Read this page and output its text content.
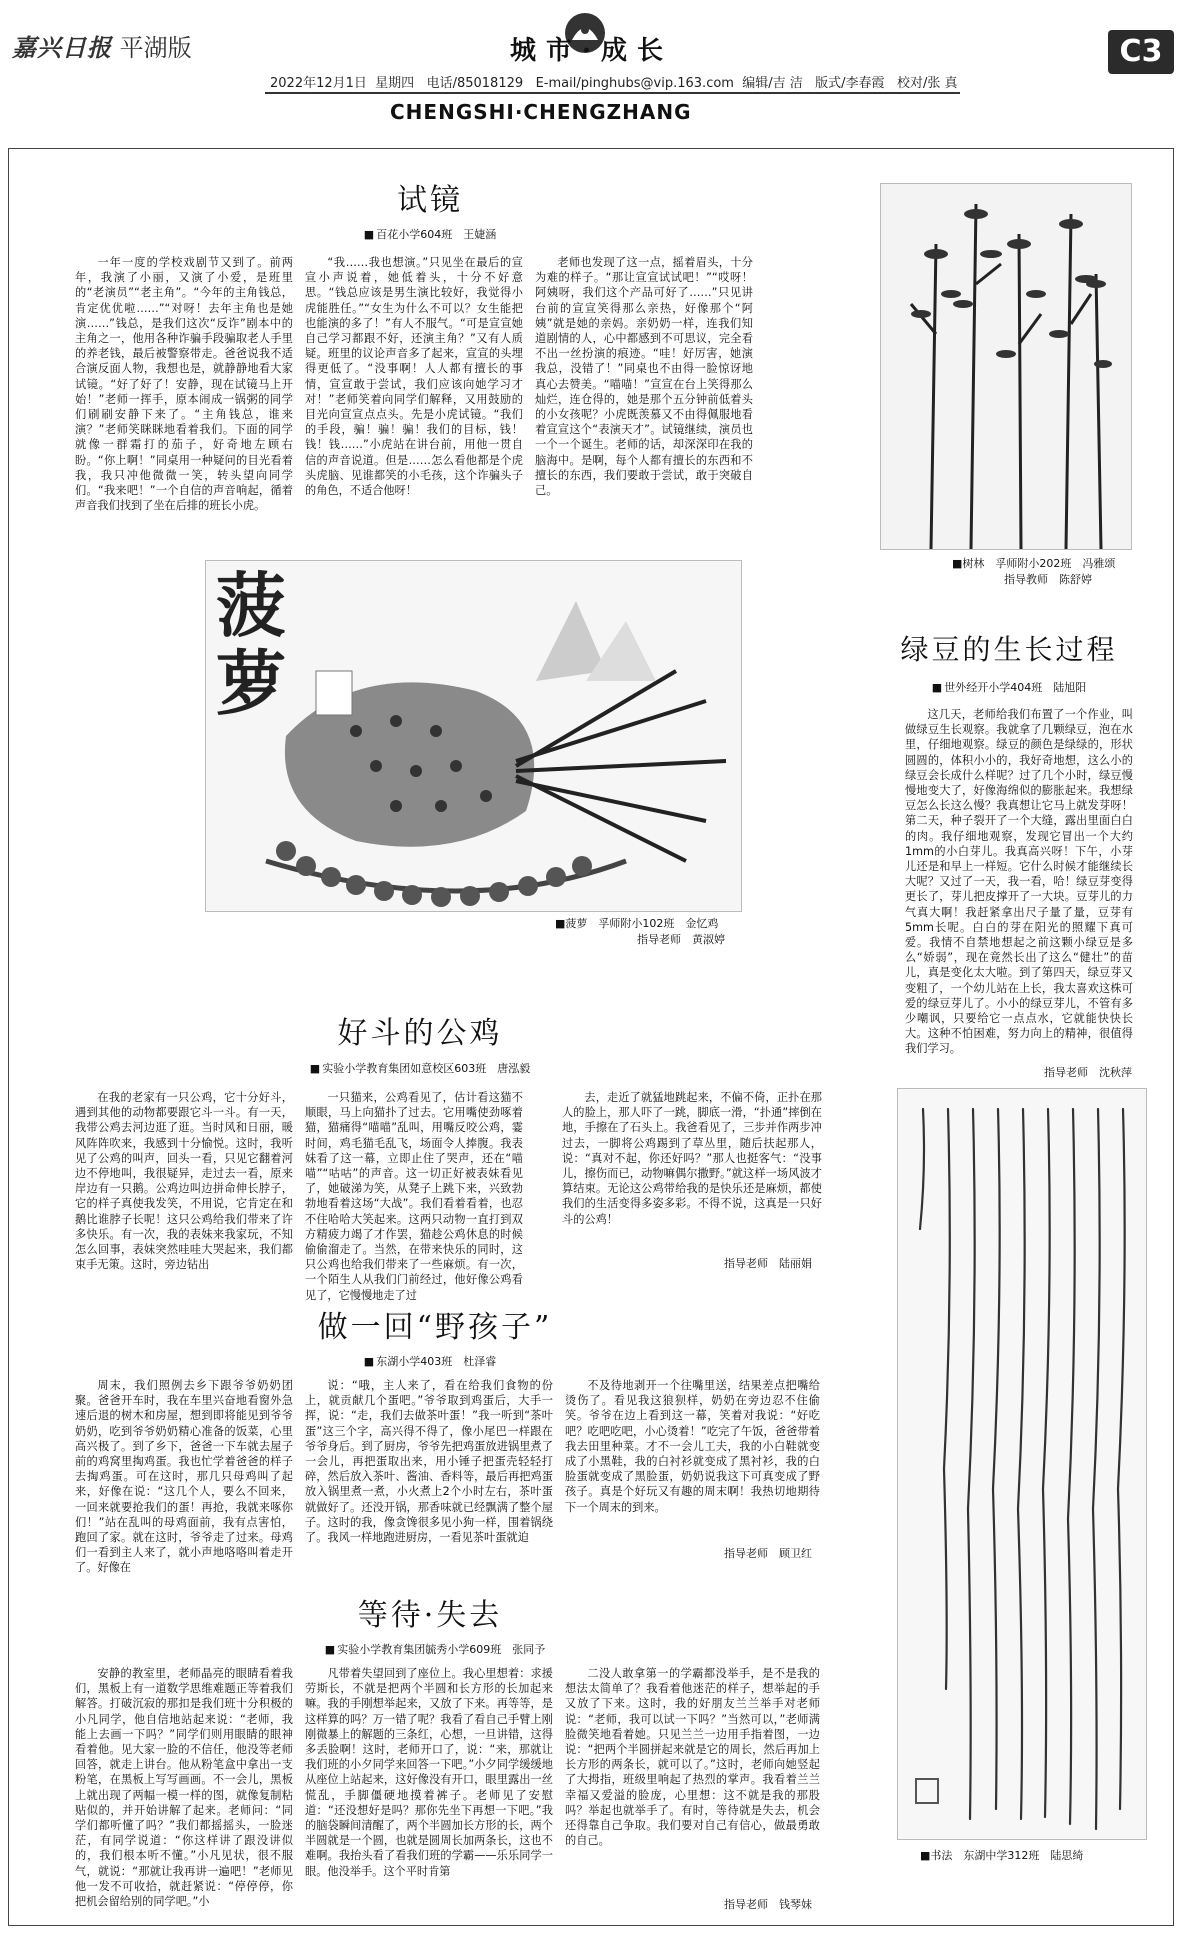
嘉兴日报 平湖版	城市·成长	C3
2022年12月1日 星期四 电话/85018129 E-mail/pinghubs@vip.163.com 编辑/吉 洁 版式/李春霞 校对/张 真
CHENGSHI·CHENGZHANG
试镜
■ 百花小学604班　王婕涵

一年一度的学校戏剧节又到了。前两年，我演了小丽，又演了小爱，是班里的“老演员”“老主角”。“今年的主角钱总，肯定优优啦……”“对呀！去年主角也是她演……”钱总，是我们这次“反诈”剧本中的主角之一，他用各种诈骗手段骗取老人手里的养老钱，最后被警察带走。爸爸说我不适合演反面人物，我想也是，就静静地看大家试镜。“好了好了！安静，现在试镜马上开始！”老师一挥手，原本闹成一锅粥的同学们刷刷安静下来了。“主角钱总，谁来演？”老师笑眯眯地看着我们。下面的同学就像一群霜打的茄子，好奇地左顾右盼。“你上啊！”同桌用一种疑问的目光看着我，我只冲他微微一笑，转头望向同学们。“我来吧！”一个自信的声音响起，循着声音我们找到了坐在后排的班长小虎。

“我……我也想演。”只见坐在最后的宣宣小声说着，她低着头，十分不好意思。“钱总应该是男生演比较好，我觉得小虎能胜任。”“女生为什么不可以？女生能把也能演的多了！”有人不服气。“可是宣宣她自己学习都跟不好，还演主角？”又有人质疑。班里的议论声音多了起来，宣宣的头埋得更低了。“没事啊！人人都有擅长的事情，宣宣敢于尝试，我们应该向她学习才对！”老师笑着向同学们解释，又用鼓励的目光向宣宣点点头。先是小虎试镜。“我们的手段，骗！骗！骗！我们的目标，钱！钱！钱……”小虎站在讲台前，用他一贯自信的声音说道。但是……怎么看他都是个虎头虎脑、见谁都笑的小毛孩，这个诈骗头子的角色，不适合他呀！

老师也发现了这一点，摇着眉头，十分为难的样子。“那让宣宣试试吧！”“哎呀！阿姨呀，我们这个产品可好了……”只见讲台前的宣宣笑得那么亲热，好像那个“阿姨”就是她的亲妈。亲奶奶一样，连我们知道剧情的人，心中都感到不可思议，完全看不出一丝扮演的痕迹。“哇！好厉害，她演我总，没错了！”同桌也不由得一脸惊讶地真心去赞美。“喵喵！”宣宣在台上笑得那么灿烂，连仓得的，她是那个五分钟前低着头的小女孩呢？小虎既羡慕又不由得佩服地看着宣宣这个“表演天才”。试镜继续，演员也一个一个诞生。老师的话，却深深印在我的脑海中。是啊，每个人都有擅长的东西和不擅长的东西，我们要敢于尝试，敢于突破自己。

■树林　 孚师附小202班　冯雅颂
指导教师　陈舒婷
菠萝
■菠萝　 孚师附小102班　金忆鸡
指导老师　黄淑婷
绿豆的生长过程
■ 世外经开小学404班　陆旭阳

这几天，老师给我们布置了一个作业，叫做绿豆生长观察。我就拿了几颗绿豆，泡在水里，仔细地观察。绿豆的颜色是绿绿的，形状圆圆的，体积小小的，我好奇地想，这么小的绿豆会长成什么样呢？过了几个小时，绿豆慢慢地变大了，好像海绵似的膨胀起来。我想绿豆怎么长这么慢？我真想让它马上就发芽呀！第二天，种子裂开了一个大缝，露出里面白白的肉。我仔细地观察，发现它冒出一个大约1mm的小白芽儿。我真高兴呀！下午，小芽儿还是和早上一样短。它什么时候才能继续长大呢？又过了一天，我一看，哈！绿豆芽变得更长了，芽儿把皮撑开了一大块。豆芽儿的力气真大啊！我赶紧拿出尺子量了量，豆芽有5mm长呢。白白的芽在阳光的照耀下真可爱。我情不自禁地想起之前这颗小绿豆是多么“娇弱”，现在竟然长出了这么“健壮”的苗儿，真是变化太大啦。到了第四天，绿豆芽又变粗了，一个幼儿站在上长，我太喜欢这株可爱的绿豆芽儿了。小小的绿豆芽儿，不管有多少嘲讽，只要给它一点点水，它就能快快长大。这种不怕困难，努力向上的精神，很值得我们学习。

指导老师　沈秋萍
好斗的公鸡
■ 实验小学教育集团如意校区603班　唐泓毅

在我的老家有一只公鸡，它十分好斗，遇到其他的动物都要跟它斗一斗。有一天，我带公鸡去河边逛了逛。当时风和日丽，暖风阵阵吹来，我感到十分愉悦。这时，我听见了公鸡的叫声，回头一看，只见它翻着河边不停地叫，我很疑异，走过去一看，原来岸边有一只鹅。公鸡边叫边拼命伸长脖子，它的样子真使我发笑，不用说，它肯定在和鹅比谁脖子长呢！这只公鸡给我们带来了许多快乐。有一次，我的表妹来我家玩，不知怎么回事，表妹突然哇哇大哭起来，我们都束手无策。这时，旁边钻出

一只猫来，公鸡看见了，估计看这猫不顺眼，马上向猫扑了过去。它用嘴使劲啄着猫，猫痛得“喵喵”乱叫，用嘴反咬公鸡，霎时间，鸡毛猫毛乱飞，场面令人捧腹。我表妹看了这一幕，立即止住了哭声，还在“喵喵”“咕咕”的声音。这一切正好被表妹看见了，她破涕为笑，从凳子上跳下来，兴致勃勃地看着这场“大战”。我们看着看着，也忍不住哈哈大笑起来。这两只动物一直打到双方精疲力竭了才作罢，猫趁公鸡休息的时候偷偷溜走了。当然，在带来快乐的同时，这只公鸡也给我们带来了一些麻烦。有一次，一个陌生人从我们门前经过，他好像公鸡看见了，它慢慢地走了过

去，走近了就猛地跳起来，不偏不倚，正扑在那人的脸上，那人吓了一跳，脚底一滑，“扑通”摔倒在地，手擦在了石头上。我爸看见了，三步并作两步冲过去，一脚将公鸡踢到了草丛里，随后扶起那人，说：“真对不起，你还好吗？”那人也挺客气：“没事儿，擦伤而已，动物嘛偶尔撒野。”就这样一场风波才算结束。无论这公鸡带给我的是快乐还是麻烦，都使我们的生活变得多姿多彩。不得不说，这真是一只好斗的公鸡！

指导老师　陆丽娟
■书法　 东湖中学312班　陆思绮
做一回“野孩子”
■ 东湖小学403班　杜泽睿

周末，我们照例去乡下跟爷爷奶奶团聚。爸爸开车时，我在车里兴奋地看窗外急速后退的树木和房屋，想到即将能见到爷爷奶奶，吃到爷爷奶奶精心准备的饭菜，心里高兴极了。到了乡下，爸爸一下车就去屋子前的鸡窝里掏鸡蛋。我也忙学着爸爸的样子去掏鸡蛋。可在这时，那几只母鸡叫了起来，好像在说：“这几个人，要么不回来，一回来就要抢我们的蛋！再抢，我就来啄你们！”站在乱叫的母鸡面前，我有点害怕，跑回了家。就在这时，爷爷走了过来。母鸡们一看到主人来了，就小声地咯咯叫着走开了。好像在

说：“哦，主人来了，看在给我们食物的份上，就贡献几个蛋吧。”爷爷取到鸡蛋后，大手一挥，说：“走，我们去做茶叶蛋！”我一听到“茶叶蛋”这三个字，高兴得不得了，像小尾巴一样跟在爷爷身后。到了厨房，爷爷先把鸡蛋放进锅里煮了一会儿，再把蛋取出来，用小锤子把蛋壳轻轻打碎，然后放入茶叶、酱油、香料等，最后再把鸡蛋放入锅里煮一煮，小火煮上2个小时左右，茶叶蛋就做好了。还没开锅，那香味就已经飘满了整个屋子。这时的我，像贪馋很多见小狗一样，围着锅绕了。我风一样地跑进厨房，一看见茶叶蛋就迫

不及待地剥开一个往嘴里送，结果差点把嘴给烫伤了。看见我这狼狈样，奶奶在旁边忍不住偷笑。爷爷在边上看到这一幕，笑着对我说：“好吃吧？吃吧吃吧，小心烫着！”吃完了午饭，爸爸带着我去田里种菜。才不一会儿工夫，我的小白鞋就变成了小黑鞋，我的白衬衫就变成了黑衬衫，我的白脸蛋就变成了黑脸蛋，奶奶说我这下可真变成了野孩子。真是个好玩又有趣的周末啊！我热切地期待下一个周末的到来。

指导老师　顾卫红
等待·失去
■ 实验小学教育集团毓秀小学609班　张同予

安静的教室里，老师晶亮的眼睛看着我们，黑板上有一道数学思维难题正等着我们解答。打破沉寂的那扣是我们班十分积极的小凡同学，他自信地站起来说：“老师，我能上去画一下吗？”同学们则用眼睛的眼神看着他。见大家一脸的不信任，他没等老师回答，就走上讲台。他从粉笔盒中拿出一支粉笔，在黑板上写写画画。不一会儿，黑板上就出现了两幅一模一样的图，就像复制粘贴似的，并开始讲解了起来。老师问：“同学们都听懂了吗？”我们都摇摇头，一脸迷茫，有同学说道：“你这样讲了跟没讲似的，我们根本听不懂。”小凡见状，很不服气，就说：“那就让我再讲一遍吧！”老师见他一发不可收拾，就赶紧说：“停停停，你把机会留给别的同学吧。”小

凡带着失望回到了座位上。我心里想着：求援劳斯长，不就是把两个半圆和长方形的长加起来嘛。我的手刚想举起来，又放了下来。再等等，是这样算的吗？万一错了呢？我看了看自己手臂上刚刚微暴上的解题的三条红，心想，一旦讲错，这得多丢脸啊！这时，老师开口了，说：“来，那就让我们班的小夕同学来回答一下吧。”小夕同学缓缓地从座位上站起来，这好像没有开口，眼里露出一丝慌乱，手脚僵硬地摸着裤子。老师见了安慰道：“还没想好是吗？那你先坐下再想一下吧。”我的脑袋瞬间清醒了，两个半圆加长方形的长，两个半圆就是一个圆，也就是圆周长加两条长，这也不难啊。我抬头看了看我们班的学霸——乐乐同学一眼。他没举手。这个平时肯第

二没人敢拿第一的学霸都没举手，是不是我的想法太简单了？我看着他迷茫的样子，想举起的手又放了下来。这时，我的好朋友兰兰举手对老师说：“老师，我可以试一下吗？”当然可以，”老师满脸微笑地看着她。只见兰兰一边用手指着图，一边说：“把两个半圆拼起来就是它的周长，然后再加上长方形的两条长，就可以了。”这时，老师向她竖起了大拇指，班级里响起了热烈的掌声。我看着兰兰幸福又爱溢的脸庞，心里想：这不就是我的那股吗？举起也就举手了。有时，等待就是失去，机会还得靠自己争取。我们要对自己有信心，做最勇敢的自己。

指导老师　钱琴妹
